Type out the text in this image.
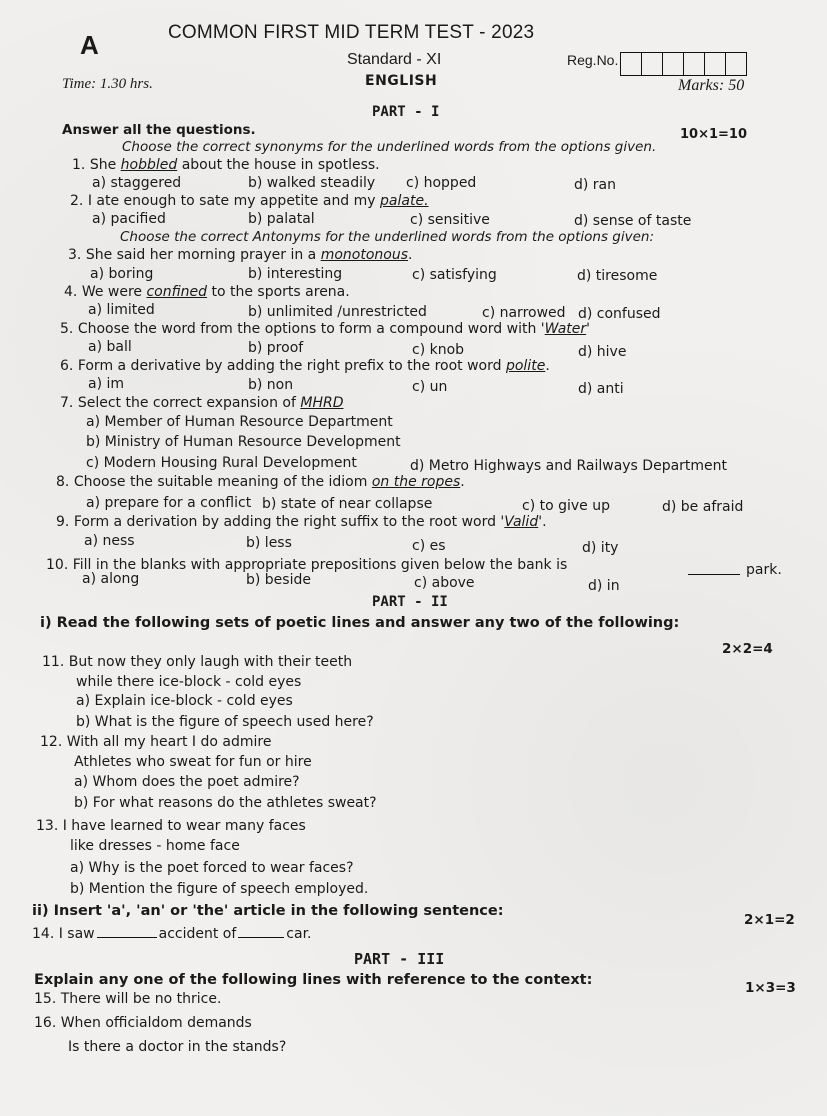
A	COMMON FIRST MID TERM TEST - 2023
Standard - XI	Reg.No.
Time: 1.30 hrs.	ENGLISH	Marks: 50
PART - I
Answer all the questions.	10×1=10
Choose the correct synonyms for the underlined words from the options given.
1. She hobbled about the house in spotless.
a) staggered	b) walked steadily c) hopped	d) ran
2. I ate enough to sate my appetite and my palate.
a) pacified	b) palatal	c) sensitive	d) sense of taste
Choose the correct Antonyms for the underlined words from the options given:
3. She said her morning prayer in a monotonous.
a) boring	b) interesting	c) satisfying	d) tiresome
4. We were confined to the sports arena.
a) limited	b) unlimited /unrestricted	c) narrowed d) confused
5. Choose the word from the options to form a compound word with 'Water'
a) ball	b) proof	c) knob	d) hive
6. Form a derivative by adding the right prefix to the root word polite.
a) im	b) non	c) un	d) anti
7. Select the correct expansion of MHRD
a) Member of Human Resource Department
b) Ministry of Human Resource Development
c) Modern Housing Rural Development	d) Metro Highways and Railways Department
8. Choose the suitable meaning of the idiom on the ropes.
a) prepare for a conflict b) state of near collapse	c) to give up	d) be afraid
9. Form a derivation by adding the right suffix to the root word 'Valid'.
a) ness	b) less	c) es	d) ity
10. Fill in the blanks with appropriate prepositions given below the bank is	park.
a) along	b) beside	c) above	d) in
PART - II
i) Read the following sets of poetic lines and answer any two of the following:
2×2=4
11. But now they only laugh with their teeth
while there ice-block - cold eyes
a) Explain ice-block - cold eyes
b) What is the figure of speech used here?
12. With all my heart I do admire
Athletes who sweat for fun or hire
a) Whom does the poet admire?
b) For what reasons do the athletes sweat?
13. I have learned to wear many faces
like dresses - home face
a) Why is the poet forced to wear faces?
b) Mention the figure of speech employed.
ii) Insert 'a', 'an' or 'the' article in the following sentence:
2×1=2
14. I saw	accident of	car.
PART - III
Explain any one of the following lines with reference to the context:	1×3=3
15. There will be no thrice.
16. When officialdom demands
Is there a doctor in the stands?
